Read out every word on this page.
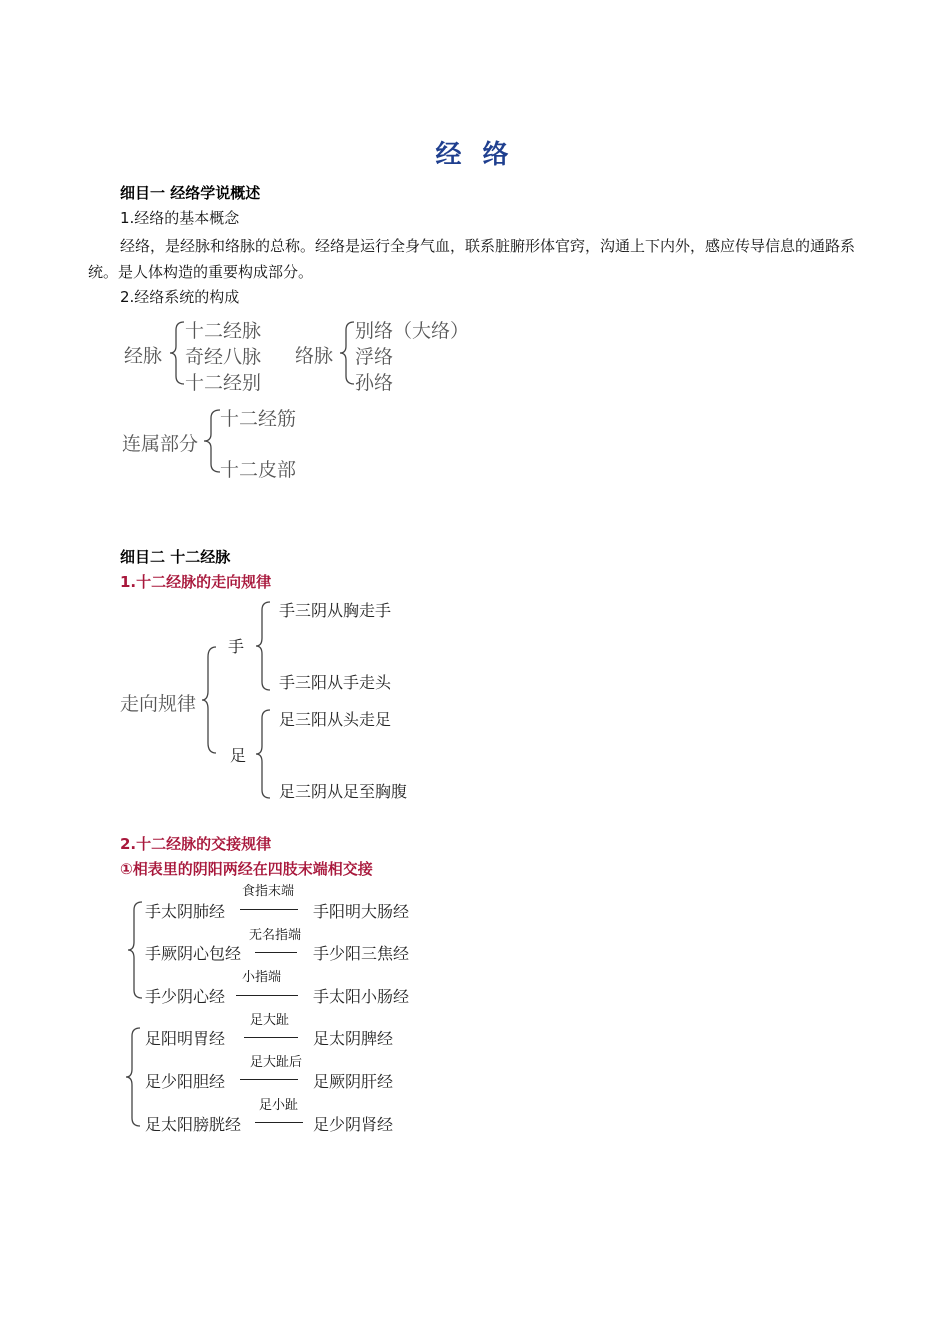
经 络
细目一 经络学说概述
1.经络的基本概念
经络，是经脉和络脉的总称。经络是运行全身气血，联系脏腑形体官窍，沟通上下内外，感应传导信息的通路系统。是人体构造的重要构成部分。
2.经络系统的构成
经脉
十二经脉
奇经八脉
十二经别
络脉
别络（大络）
浮络
孙络
连属部分
十二经筋
十二皮部
细目二 十二经脉
1.十二经脉的走向规律
走向规律
手
足
手三阴从胸走手
手三阳从手走头
足三阳从头走足
足三阴从足至胸腹
2.十二经脉的交接规律
①相表里的阴阳两经在四肢末端相交接
手太阴肺经
食指末端
手阳明大肠经
手厥阴心包经
无名指端
手少阳三焦经
手少阴心经
小指端
手太阳小肠经
足阳明胃经
足大趾
足太阴脾经
足少阳胆经
足大趾后
足厥阴肝经
足太阳膀胱经
足小趾
足少阴肾经
